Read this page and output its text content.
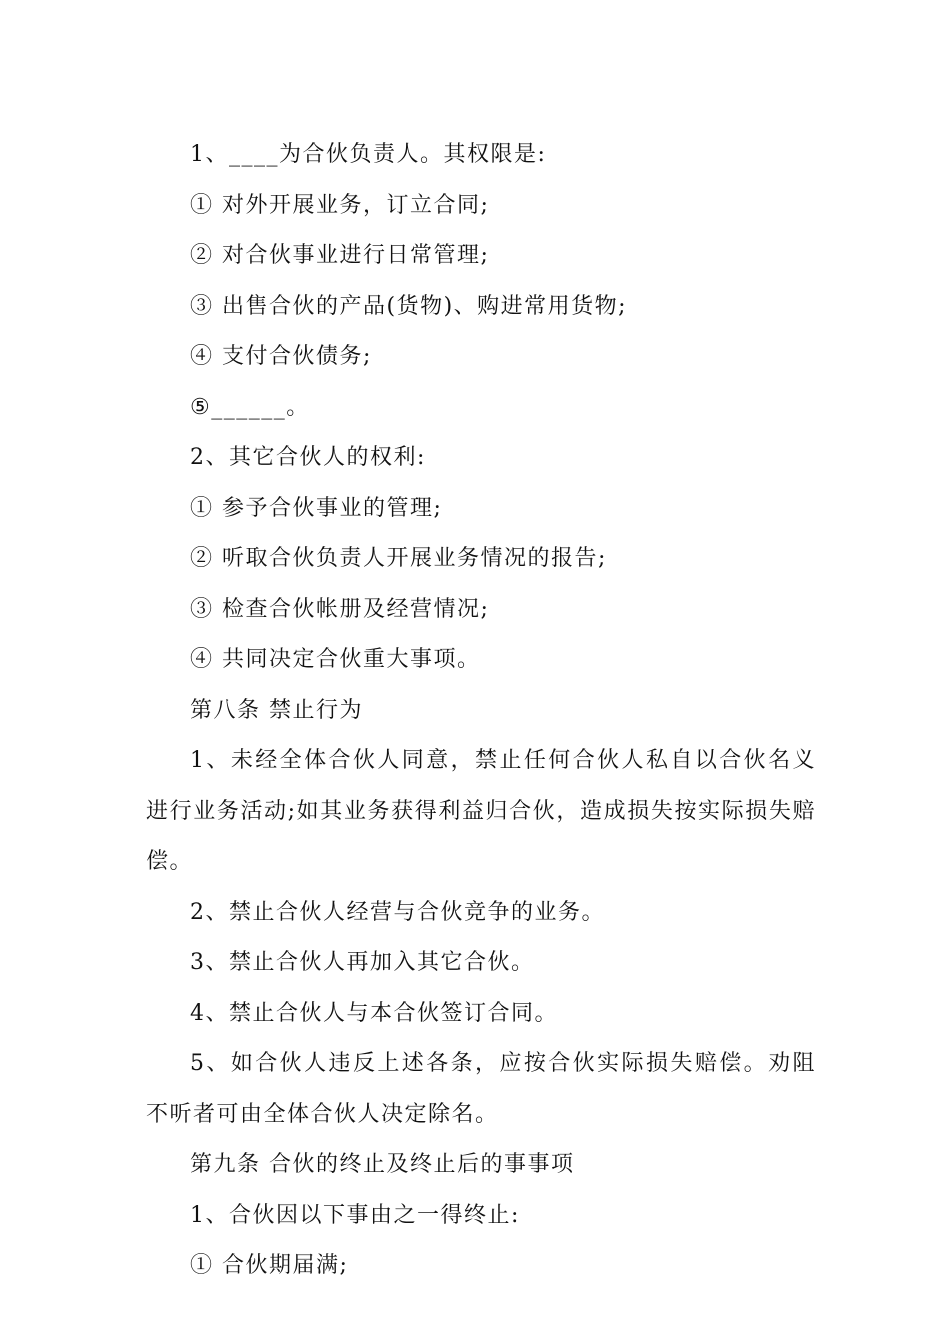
1、____为合伙负责人。其权限是:
① 对外开展业务，订立合同;
② 对合伙事业进行日常管理;
③ 出售合伙的产品(货物)、购进常用货物;
④ 支付合伙债务;
⑤______。
2、其它合伙人的权利:
① 参予合伙事业的管理;
② 听取合伙负责人开展业务情况的报告;
③ 检查合伙帐册及经营情况;
④ 共同决定合伙重大事项。
第八条 禁止行为
1、未经全体合伙人同意，禁止任何合伙人私自以合伙名义进行业务活动;如其业务获得利益归合伙，造成损失按实际损失赔偿。
2、禁止合伙人经营与合伙竞争的业务。
3、禁止合伙人再加入其它合伙。
4、禁止合伙人与本合伙签订合同。
5、如合伙人违反上述各条，应按合伙实际损失赔偿。劝阻不听者可由全体合伙人决定除名。
第九条 合伙的终止及终止后的事事项
1、合伙因以下事由之一得终止:
① 合伙期届满;
